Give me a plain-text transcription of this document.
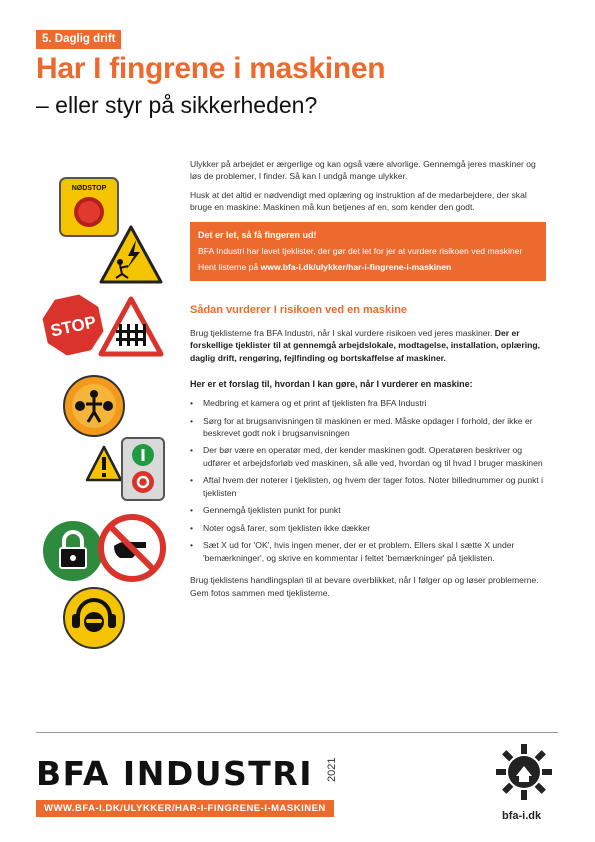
5. Daglig drift
Har I fingrene i maskinen
– eller styr på sikkerheden?
NØDSTOP
STOP

Ulykker på arbejdet er ærgerlige og kan også være alvorlige. Gennemgå jeres maskiner og løs de problemer, I finder. Så kan I undgå mange ulykker.

Husk at det altid er nødvendigt med oplæring og instruktion af de medarbejdere, der skal bruge en maskine: Maskinen må kun betjenes af en, som kender den godt.

Det er let, så få fingeren ud!
BFA Industri har lavet tjeklister, der gør det let for jer at vurdere risikoen ved maskiner
Hent listerne på www.bfa-i.dk/ulykker/har-i-fingrene-i-maskinen
Sådan vurderer I risikoen ved en maskine

Brug tjeklisterne fra BFA Industri, når I skal vurdere risikoen ved jeres maskiner. Der er forskellige tjeklister til at gennemgå arbejdslokale, modtagelse, installation, oplæring, daglig drift, rengøring, fejlfinding og bortskaffelse af maskiner.

Her er et forslag til, hvordan I kan gøre, når I vurderer en maskine:
• Medbring et kamera og et print af tjeklisten fra BFA Industri
• Sørg for at brugsanvisningen til maskinen er med. Måske opdager I forhold, der ikke er beskrevet godt nok i brugsanvisningen
• Der bør være en operatør med, der kender maskinen godt. Operatøren beskriver og udfører et arbejdsforløb ved maskinen, så alle ved, hvordan og til hvad I bruger maskinen
• Aftal hvem der noterer i tjeklisten, og hvem der tager fotos. Noter billednummer og punkt i tjeklisten
• Gennemgå tjeklisten punkt for punkt
• Noter også farer, som tjeklisten ikke dækker
• Sæt X ud for 'OK', hvis ingen mener, der er et problem. Ellers skal I sætte X under 'bemærkninger', og skrive en kommentar i feltet 'bemærkninger' på tjeklisten.

Brug tjeklistens handlingsplan til at bevare overblikket, når I følger op og løser problemerne. Gem fotos sammen med tjeklisterne.

BFA INDUSTRI 2021
WWW.BFA-I.DK/ULYKKER/HAR-I-FINGRENE-I-MASKINEN
bfa-i.dk
